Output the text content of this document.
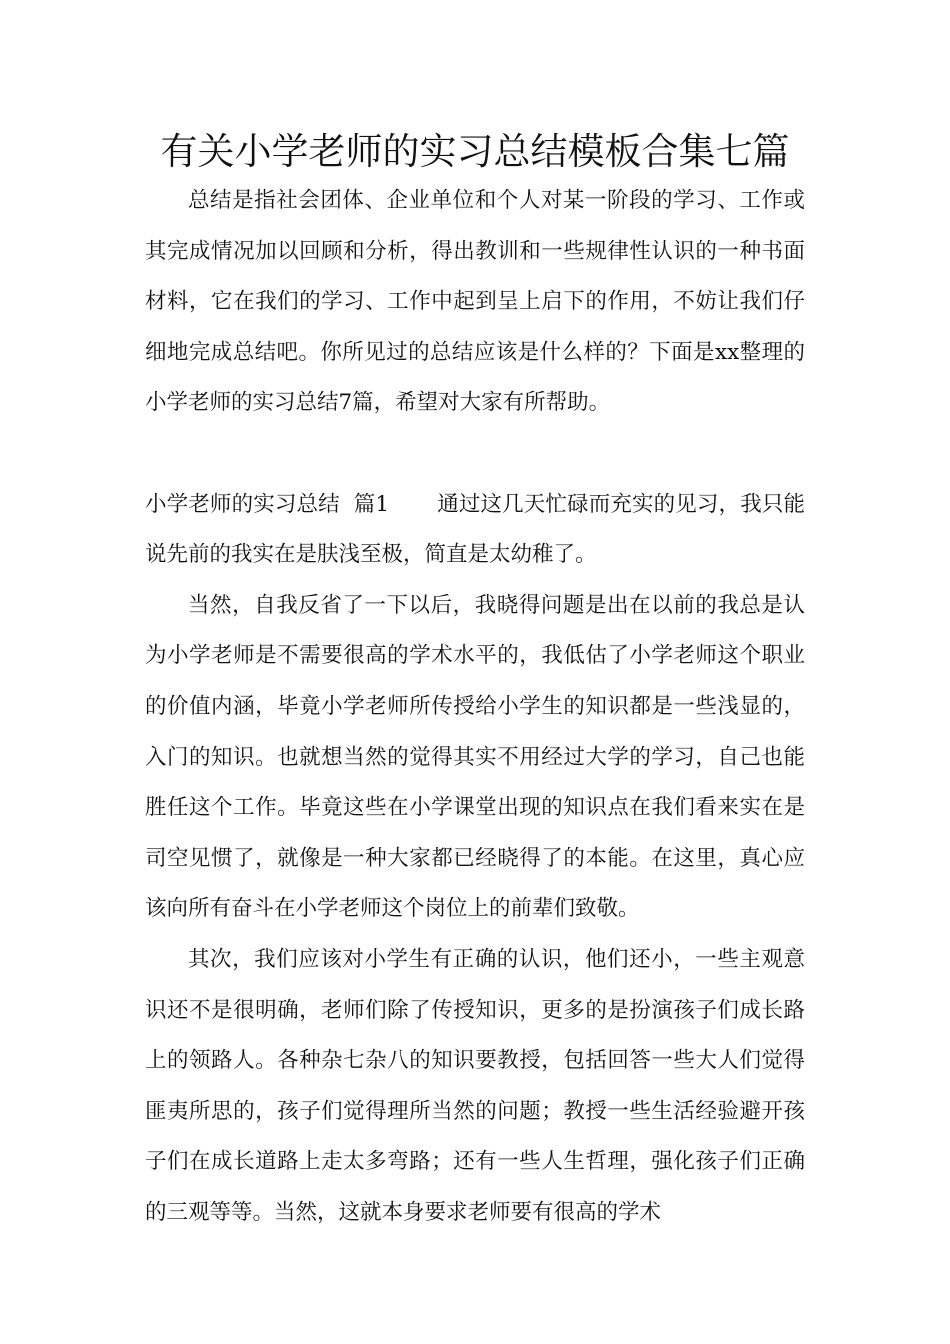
有关小学老师的实习总结模板合集七篇

总结是指社会团体、企业单位和个人对某一阶段的学习、工作或其完成情况加以回顾和分析，得出教训和一些规律性认识的一种书面材料，它在我们的学习、工作中起到呈上启下的作用，不妨让我们仔细地完成总结吧。你所见过的总结应该是什么样的？下面是xx整理的小学老师的实习总结7篇，希望对大家有所帮助。

小学老师的实习总结  篇1 通过这几天忙碌而充实的见习，我只能说先前的我实在是肤浅至极，简直是太幼稚了。

当然，自我反省了一下以后，我晓得问题是出在以前的我总是认为小学老师是不需要很高的学术水平的，我低估了小学老师这个职业的价值内涵，毕竟小学老师所传授给小学生的知识都是一些浅显的，入门的知识。也就想当然的觉得其实不用经过大学的学习，自己也能胜任这个工作。毕竟这些在小学课堂出现的知识点在我们看来实在是司空见惯了，就像是一种大家都已经晓得了的本能。在这里，真心应该向所有奋斗在小学老师这个岗位上的前辈们致敬。

其次，我们应该对小学生有正确的认识，他们还小，一些主观意识还不是很明确，老师们除了传授知识，更多的是扮演孩子们成长路上的领路人。各种杂七杂八的知识要教授，包括回答一些大人们觉得匪夷所思的，孩子们觉得理所当然的问题；教授一些生活经验避开孩子们在成长道路上走太多弯路；还有一些人生哲理，强化孩子们正确的三观等等。当然，这就本身要求老师要有很高的学术
